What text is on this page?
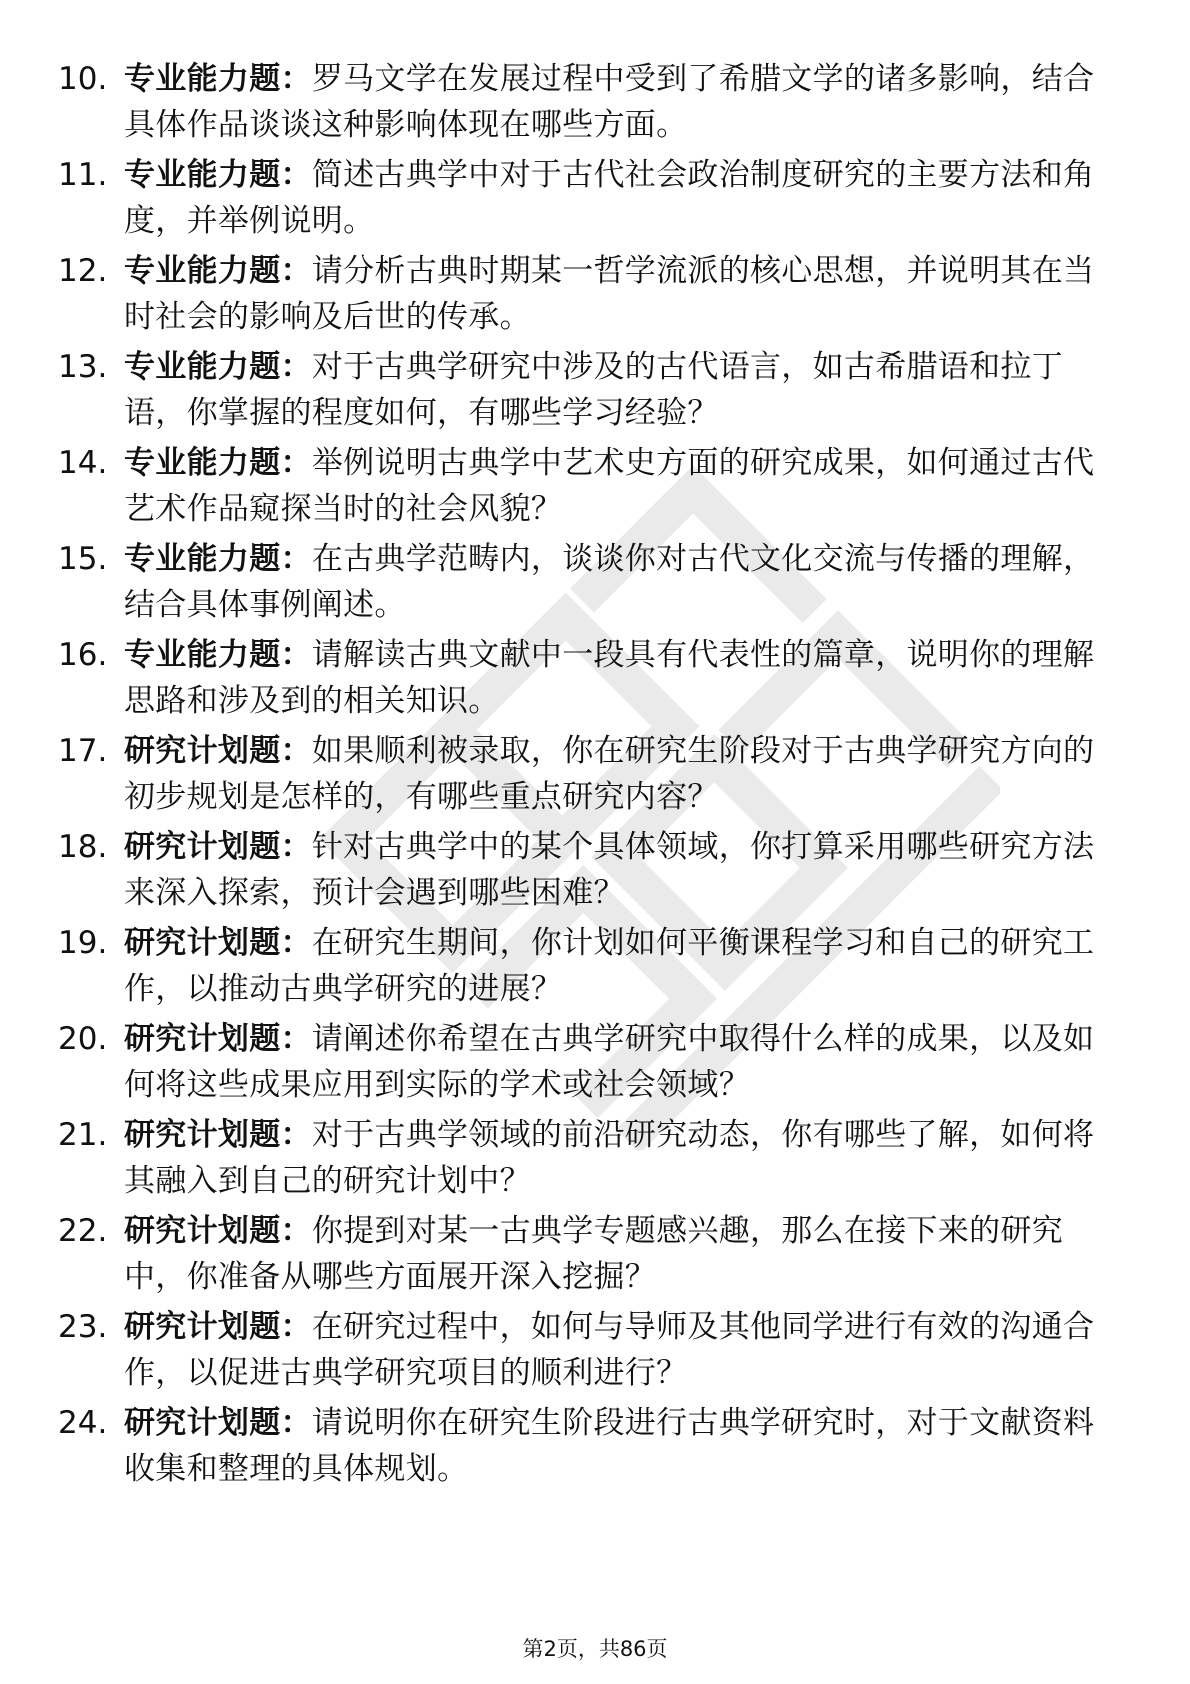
10. 专业能力题：罗马文学在发展过程中受到了希腊文学的诸多影响，结合具体作品谈谈这种影响体现在哪些方面。
11. 专业能力题：简述古典学中对于古代社会政治制度研究的主要方法和角度，并举例说明。
12. 专业能力题：请分析古典时期某一哲学流派的核心思想，并说明其在当时社会的影响及后世的传承。
13. 专业能力题：对于古典学研究中涉及的古代语言，如古希腊语和拉丁语，你掌握的程度如何，有哪些学习经验？
14. 专业能力题：举例说明古典学中艺术史方面的研究成果，如何通过古代艺术作品窥探当时的社会风貌？
15. 专业能力题：在古典学范畴内，谈谈你对古代文化交流与传播的理解，结合具体事例阐述。
16. 专业能力题：请解读古典文献中一段具有代表性的篇章，说明你的理解思路和涉及到的相关知识。
17. 研究计划题：如果顺利被录取，你在研究生阶段对于古典学研究方向的初步规划是怎样的，有哪些重点研究内容？
18. 研究计划题：针对古典学中的某个具体领域，你打算采用哪些研究方法来深入探索，预计会遇到哪些困难？
19. 研究计划题：在研究生期间，你计划如何平衡课程学习和自己的研究工作，以推动古典学研究的进展？
20. 研究计划题：请阐述你希望在古典学研究中取得什么样的成果，以及如何将这些成果应用到实际的学术或社会领域？
21. 研究计划题：对于古典学领域的前沿研究动态，你有哪些了解，如何将其融入到自己的研究计划中？
22. 研究计划题：你提到对某一古典学专题感兴趣，那么在接下来的研究中，你准备从哪些方面展开深入挖掘？
23. 研究计划题：在研究过程中，如何与导师及其他同学进行有效的沟通合作，以促进古典学研究项目的顺利进行？
24. 研究计划题：请说明你在研究生阶段进行古典学研究时，对于文献资料收集和整理的具体规划。
第2页，共86页
